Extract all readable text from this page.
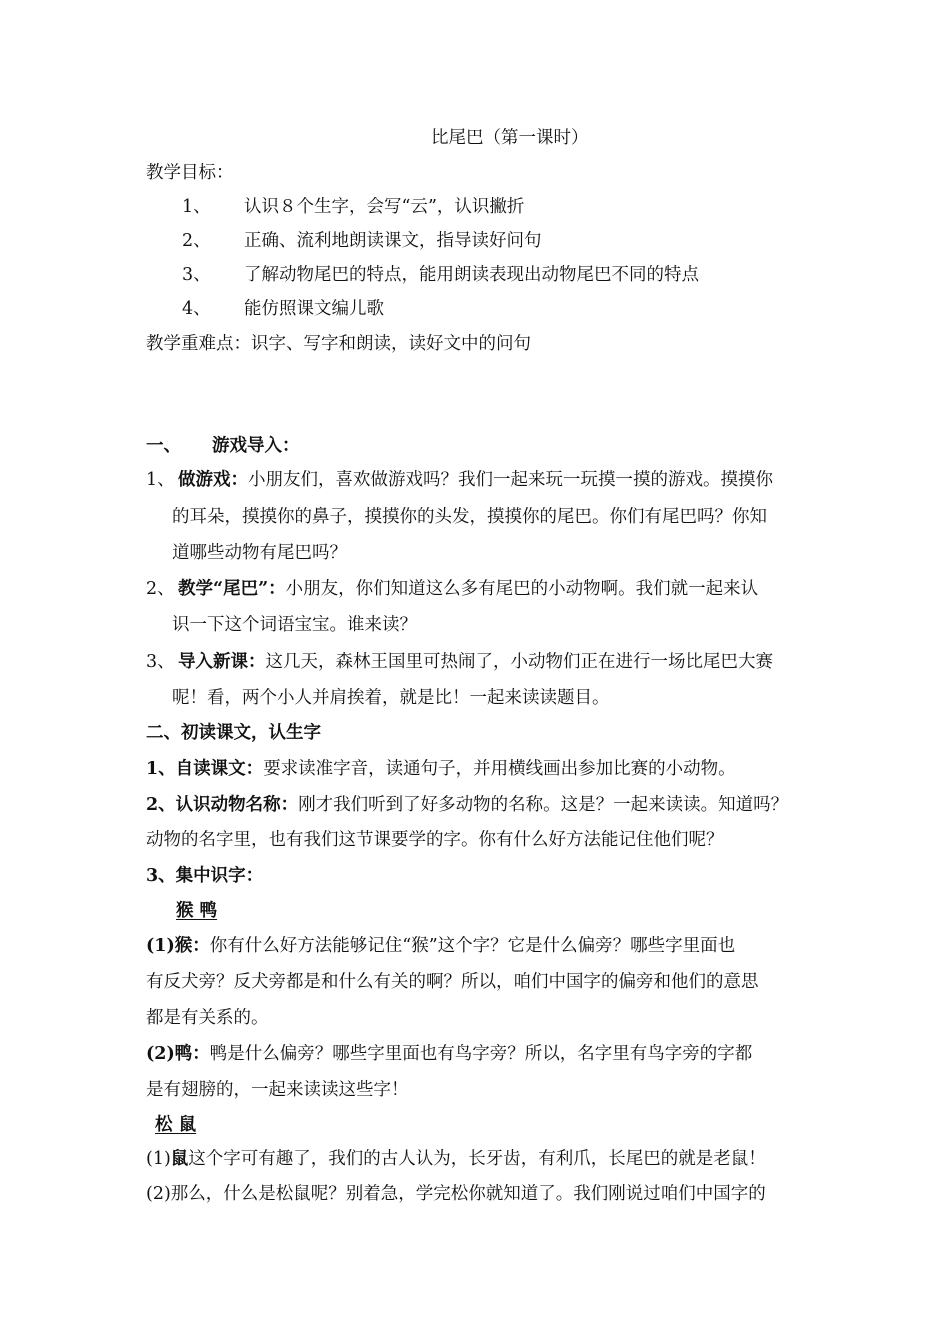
比尾巴（第一课时）
教学目标：
1、 认识８个生字，会写“云”，认识撇折
2、 正确、流利地朗读课文，指导读好问句
3、 了解动物尾巴的特点，能用朗读表现出动物尾巴不同的特点
4、 能仿照课文编儿歌
教学重难点：识字、写字和朗读，读好文中的问句
一、 游戏导入：
1、 做游戏：小朋友们，喜欢做游戏吗？我们一起来玩一玩摸一摸的游戏。摸摸你
的耳朵，摸摸你的鼻子，摸摸你的头发，摸摸你的尾巴。你们有尾巴吗？你知
道哪些动物有尾巴吗？
2、 教学“尾巴”：小朋友，你们知道这么多有尾巴的小动物啊。我们就一起来认
识一下这个词语宝宝。谁来读？
3、 导入新课：这几天，森林王国里可热闹了，小动物们正在进行一场比尾巴大赛
呢！看，两个小人并肩挨着，就是比！一起来读读题目。
二、初读课文，认生字
1、自读课文：要求读准字音，读通句子，并用横线画出参加比赛的小动物。
2、认识动物名称：刚才我们听到了好多动物的名称。这是？一起来读读。知道吗？
动物的名字里，也有我们这节课要学的字。你有什么好方法能记住他们呢？
3、集中识字：
猴 鸭
(1)猴：你有什么好方法能够记住“猴”这个字？它是什么偏旁？哪些字里面也
有反犬旁？反犬旁都是和什么有关的啊？所以，咱们中国字的偏旁和他们的意思
都是有关系的。
(2)鸭：鸭是什么偏旁？哪些字里面也有鸟字旁？所以，名字里有鸟字旁的字都
是有翅膀的，一起来读读这些字！
松 鼠
(1)鼠这个字可有趣了，我们的古人认为，长牙齿，有利爪，长尾巴的就是老鼠！
(2)那么，什么是松鼠呢？别着急，学完松你就知道了。我们刚说过咱们中国字的
